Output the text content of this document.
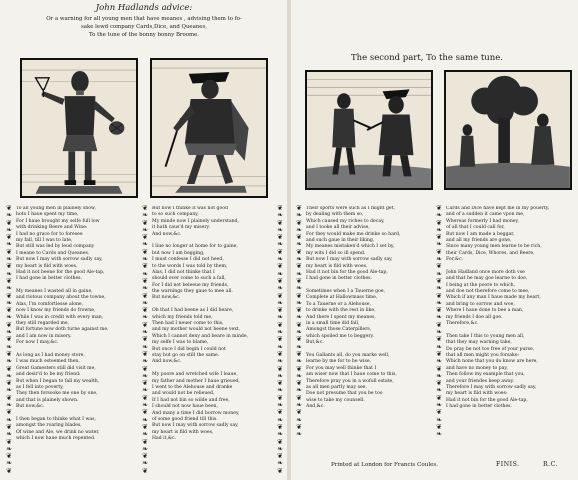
John Hadlands advice:
Or a warning for all young men that have meanes , advising them to fo-
sake lewd company Cards,Dice, and Queanes,
To the tune of the bonny bonny Broome.
❦
❧
❦
❧
❦
❧
❦
❧
❦
❧
❦
❧
❦
❧
❦
❧
❦
❧
❦
❧
❦
❧
❦
❧
❦
❧
❦
❧
❦
❧
❦
❧
❦
❧
❦
❧
❦
❦
❧
❦
❧
❦
❧
❦
❧
❦
❧
❦
❧
❦
❧
❦
❧
❦
❧
❦
❧
❦
❧
❦
❧
❦
❧
❦
❧
❦
❧
❦
❧
❦
❧
❦
❧
❦
❦
❧
❦
❧
❦
❧
❦
❧
❦
❧
❦
❧
❦
❧
❦
❧
❦
❧
❦
❧
❦
❧
❦
❧
❦
❧
❦
❧
❦
❧
❦
❧
❦
❧
❦
❧
❦
To all young men in plainely show,
hoto I haue spent my time,
For I haue brought my selfe full low
with drinking Beere and Wine:
I had no grace for to foresee
my fall, till I was to late,
But still was led by leud company
I meane to Cards and Queanes.
But now I may with sorrow sadly say,
my heart is fild with woes,
Had it not beene for the good Ale-tap,
I had gone in better clothes.
My meanes I wasted all in gaine,
and riotous company about the towne,
Alas, I'm comfortlesse alone,
now I know my friends do frowne,
While I was in credit with every man,
they still regarded me,
But fortune now doth turne against me,
and I am now in misery.
For now I may,&c.
As long as I had money store,
I was much esteemed then,
Great Gamesters still did visit me,
and desir'd to be my friend:
But when I began to fall my wealth,
as I fell into poverty,
They then forsooke me one by one,
and that is plainely shown.
But now,&c.
I then began to thinke what I was,
amongst the roaring blades,
Of wine and Ale, we drink no water,
which I now haue much repented.
But now I thinke it was not good
to so such company,
My minde now I plainely understand,
it hath caus'd my misery.
And now,&c.
I liue no longer at home for to gaine,
but now I am begging,
I must confesse I did not heed,
to the words I was told by them,
Alas, I did not thinke that I
should ever come to such a fall,
For I did not beleeue my friends,
the warnings they gaue to mee all.
But now,&c.
Oh that I had beene as I did heare,
which my friends told me,
Then had I neuer come to this,
and my mother would not beene vext,
Which I cannot deny and beare in minde,
my selfe I was to blame,
But once I did begin I could not
stay but go on still the same.
And now,&c.
My poore and wretched wife I leaue,
my father and mother I haue grieued,
I went to the Alehouse and dranke
and would not be relieued,
If I had not bin so wilde and free,
I should not now haue been,
And many a time I did borrow money,
of some good friend till this.
But now I may with sorrow sadly say,
my heart is fild with woes,
Had it,&c.
The second part, To the same tune.
❦
❧
❦
❧
❦
❧
❦
❧
❦
❧
❦
❧
❦
❧
❦
❧
❦
❧
❦
❧
❦
❧
❦
❧
❦
❧
❦
❧
❦
❧
❦
❧
❦
❧
❦
❧
❦
❧
❦
❧
❦
❧
❦
❧
❦
❧
❦
❧
❦
❧
❦
❧
❦
❧
❦
❧
❦
❧
❦
❧
❦
❧
❦
❧
Their sports were such as I might get,
by dealing with them so,
Which caused my riches to decay,
and I tooke all their advise,
For they would make me drinke so hard,
and such gaue in their liking,
My meanes mistaken'd which I set by,
my wits I did so ill spend.
But now I may with sorrow sadly say,
my heart is fild with woes,
Had it not bin for the good Ale-tap,
I had gone in better clothes.
Sometimes when I a Tauerne goe,
Complete at Hallowmass time,
To a Tauerne or a Alehouse,
to drinke with the rest in like,
And there I spent my meanes,
in a small time did fall,
Amongst those Caterpillers,
which spoiled me to beggery.
But,&c.
You Gallants all, do you marke well,
learne by me for to be wise,
For you may well thinke that I
am wiser now that I haue come to this,
Therefore pray you in a wofull estate,
as all men partly may see,
Doe not presume that you be too
wise to take my counsell.
And,&c.
Cards and Dice have kept me in my pouerty,
and of a sudden it came vpon me,
Whereas formerly I had money,
of all that I could call for,
But now I am made a beggar,
and all my friends are gone,
Since many young men learne to be rich,
their Cards, Dice, Whores, and Beere,
For,&c.
John Hadland once more doth vse
and that he may goe learne to doe,
I being at the poore to which,
and doe not therefore come to mee,
Which if any man I haue made my heart,
and bring to sorrow and woe,
Where I haue done to bee a man,
my friends I doe all goe.
Therefore,&c.
Then take I this to young men all,
that they may warning take,
Do pray be not too free of your purse,
that all men might you forsake:
Which none that you do know are here,
and have no money to pay,
Then follow my example that you,
and your friendes keep away.
Therefore I may with sorrow sadly say,
my heart is fild with woes:
Had it not bin for the good Ale-tap,
I had gone in better clothes.
Printed at London for Francis Coules.	FINIS.	R.C.
